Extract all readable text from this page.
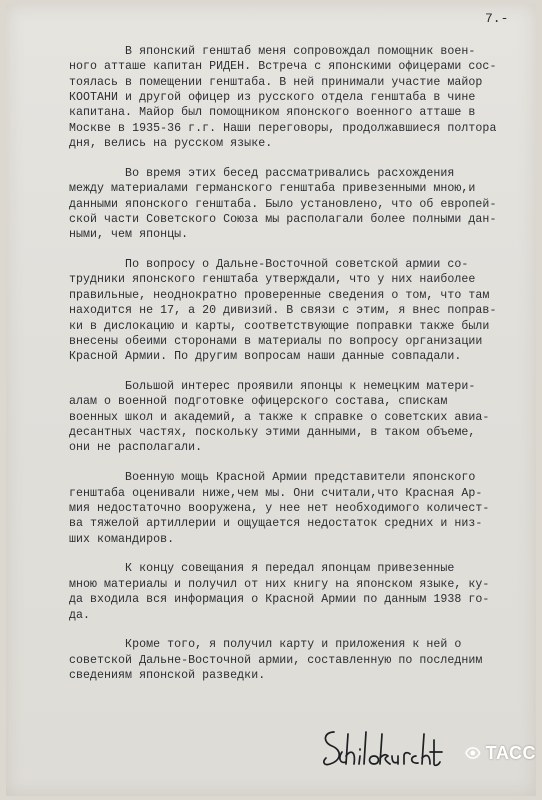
7.-

В японский генштаб меня сопровождал помощник воен-
ного атташе капитан РИДЕН. Встреча с японскими офицерами сос-
тоялась в помещении генштаба. В ней принимали участие майор
КООТАНИ и другой офицер из русского отдела генштаба в чине
капитана. Майор был помощником японского военного атташе в
Москве в 1935-36 г.г. Наши переговоры, продолжавшиеся полтора
дня, велись на русском языке.

Во время этих бесед рассматривались расхождения
между материалами германского генштаба привезенными мною,и
данными японского генштаба. Было установлено, что об европей-
ской части Советского Союза мы располагали более полными дан-
ными, чем японцы.

По вопросу о Дальне-Восточной советской армии со-
трудники японского генштаба утверждали, что у них наиболее
правильные, неоднократно проверенные сведения о том, что там
находится не 17, а 20 дивизий. В связи с этим, я внес поправ-
ки в дислокацию и карты, соответствующие поправки также были
внесены обеими сторонами в материалы по вопросу организации
Красной Армии. По другим вопросам наши данные совпадали.

Большой интерес проявили японцы к немецким матери-
алам о военной подготовке офицерского состава, спискам
военных школ и академий, а также к справке о советских авиа-
десантных частях, поскольку этими данными, в таком объеме,
они не располагали.

Военную мощь Красной Армии представители японского
генштаба оценивали ниже,чем мы. Они считали,что Красная Ар-
мия недостаточно вооружена, у нее нет необходимого количест-
ва тяжелой артиллерии и ощущается недостаток средних и низ-
ших командиров.

К концу совещания я передал японцам привезенные
мною материалы и получил от них книгу на японском языке, ку-
да входила вся информация о Красной Армии по данным 1938 го-
да.

Кроме того, я получил карту и приложения к ней о
советской Дальне-Восточной армии, составленную по последним
сведениям японской разведки.

ТАСС
